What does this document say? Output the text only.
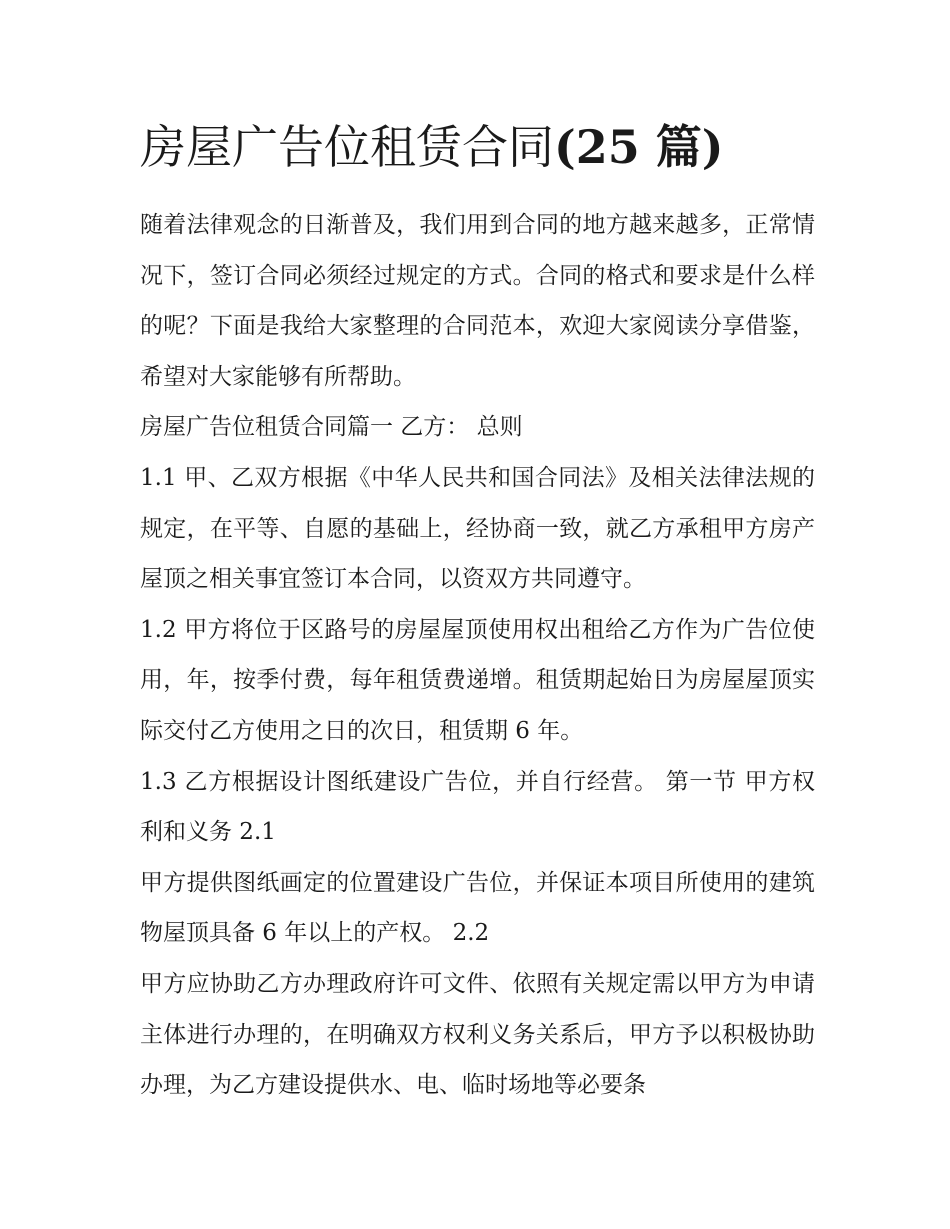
房屋广告位租赁合同(25 篇)

随着法律观念的日渐普及，我们用到合同的地方越来越多，正常情况下，签订合同必须经过规定的方式。合同的格式和要求是什么样的呢？下面是我给大家整理的合同范本，欢迎大家阅读分享借鉴，希望对大家能够有所帮助。

房屋广告位租赁合同篇一 乙方： 总则

1.1 甲、乙双方根据《中华人民共和国合同法》及相关法律法规的规定，在平等、自愿的基础上，经协商一致，就乙方承租甲方房产屋顶之相关事宜签订本合同，以资双方共同遵守。

1.2 甲方将位于区路号的房屋屋顶使用权出租给乙方作为广告位使用，年，按季付费，每年租赁费递增。租赁期起始日为房屋屋顶实际交付乙方使用之日的次日，租赁期 6 年。

1.3 乙方根据设计图纸建设广告位，并自行经营。 第一节 甲方权利和义务 2.1

甲方提供图纸画定的位置建设广告位，并保证本项目所使用的建筑物屋顶具备 6 年以上的产权。 2.2

甲方应协助乙方办理政府许可文件、依照有关规定需以甲方为申请主体进行办理的，在明确双方权利义务关系后，甲方予以积极协助办理，为乙方建设提供水、电、临时场地等必要条
